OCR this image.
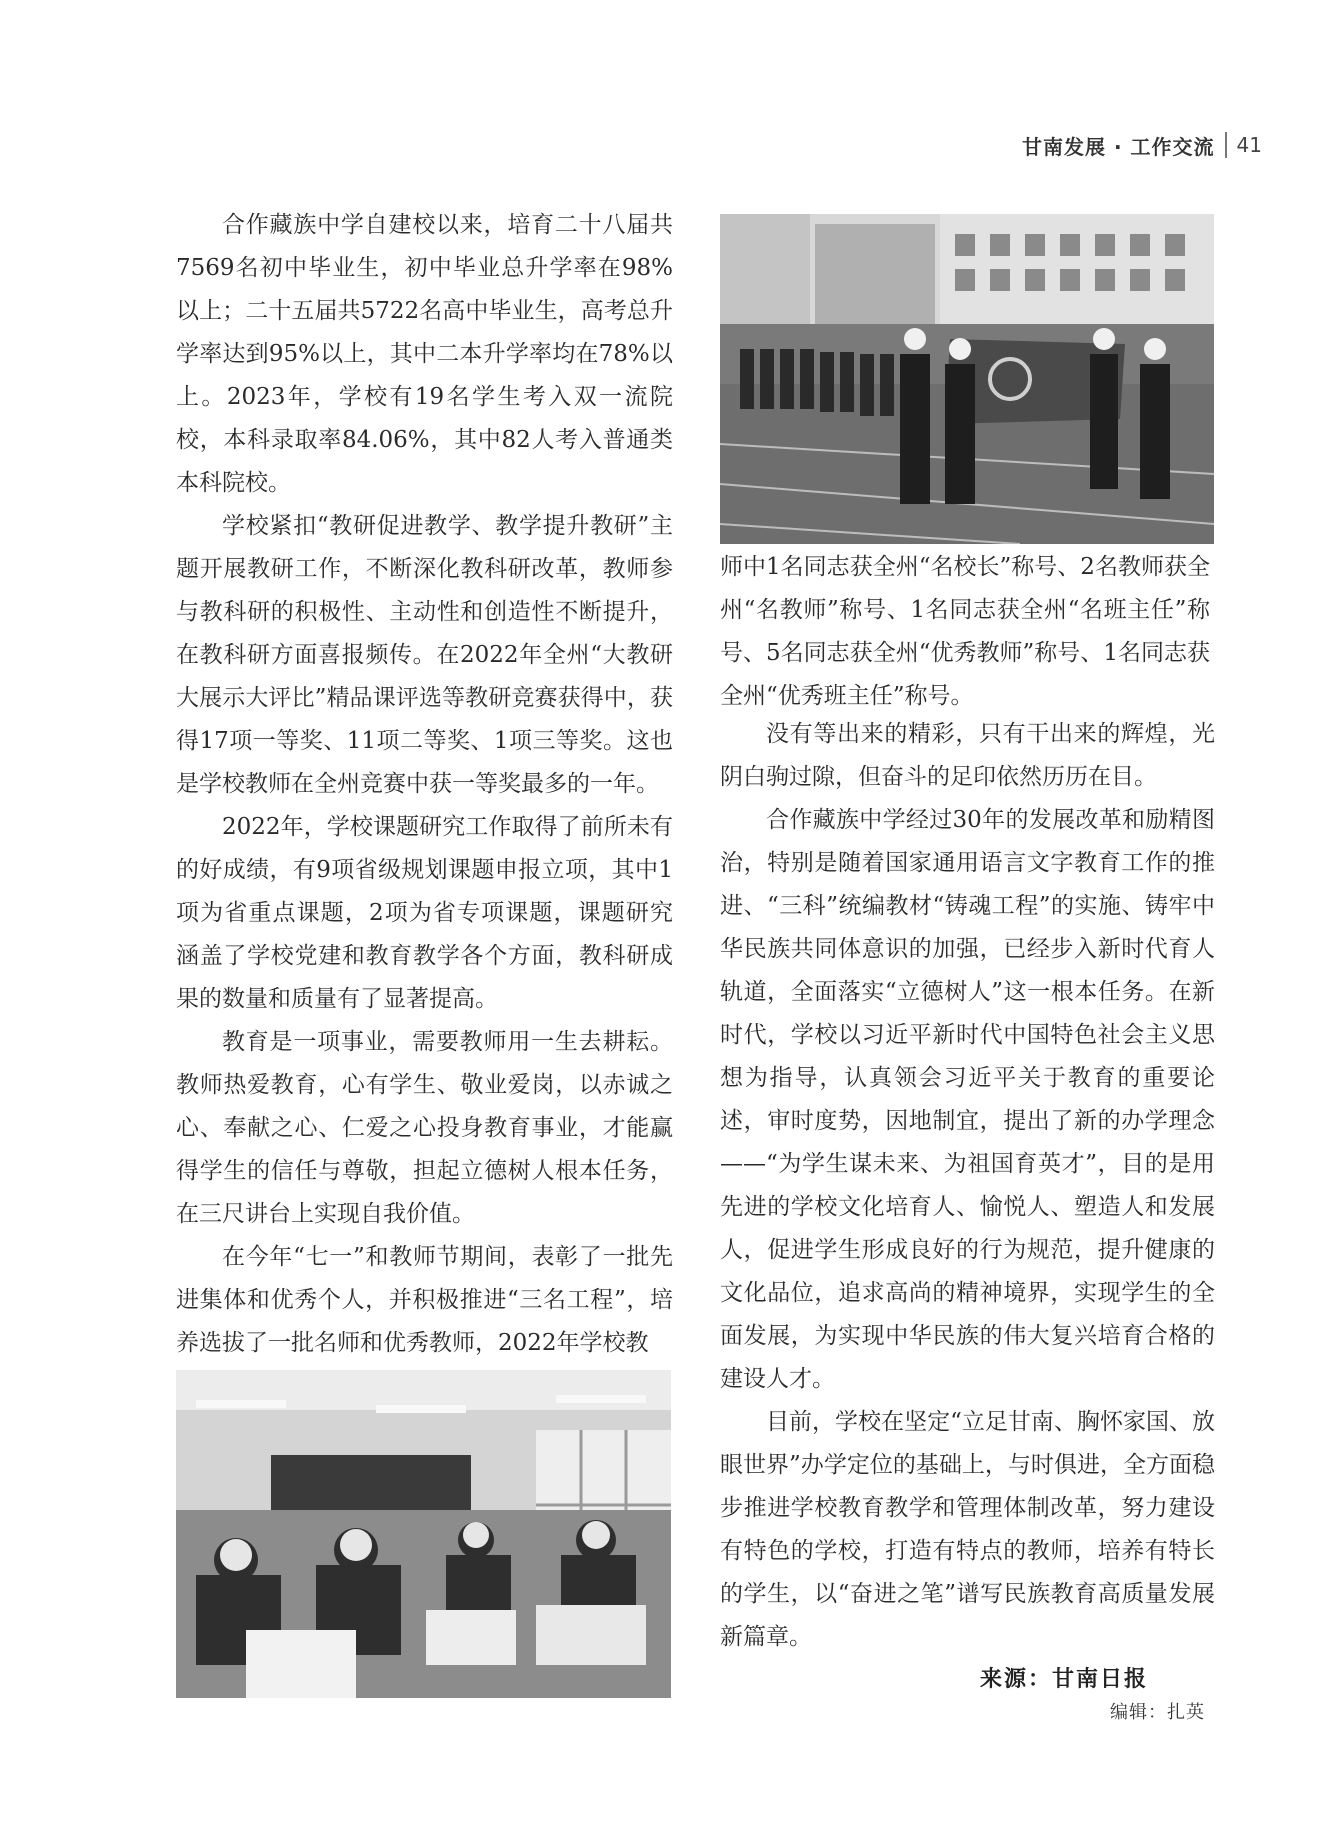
甘南发展 · 工作交流 41

合作藏族中学自建校以来，培育二十八届共7569名初中毕业生，初中毕业总升学率在98%以上；二十五届共5722名高中毕业生，高考总升学率达到95%以上，其中二本升学率均在78%以上。2023年，学校有19名学生考入双一流院校，本科录取率84.06%，其中82人考入普通类本科院校。

学校紧扣“教研促进教学、教学提升教研”主题开展教研工作，不断深化教科研改革，教师参与教科研的积极性、主动性和创造性不断提升，在教科研方面喜报频传。在2022年全州“大教研大展示大评比”精品课评选等教研竞赛获得中，获得17项一等奖、11项二等奖、1项三等奖。这也是学校教师在全州竞赛中获一等奖最多的一年。

2022年，学校课题研究工作取得了前所未有的好成绩，有9项省级规划课题申报立项，其中1项为省重点课题，2项为省专项课题，课题研究涵盖了学校党建和教育教学各个方面，教科研成果的数量和质量有了显著提高。

教育是一项事业，需要教师用一生去耕耘。教师热爱教育，心有学生、敬业爱岗，以赤诚之心、奉献之心、仁爱之心投身教育事业，才能赢得学生的信任与尊敬，担起立德树人根本任务，在三尺讲台上实现自我价值。

在今年“七一”和教师节期间，表彰了一批先进集体和优秀个人，并积极推进“三名工程”，培养选拔了一批名师和优秀教师，2022年学校教

师中1名同志获全州“名校长”称号、2名教师获全州“名教师”称号、1名同志获全州“名班主任”称号、5名同志获全州“优秀教师”称号、1名同志获全州“优秀班主任”称号。

没有等出来的精彩，只有干出来的辉煌，光阴白驹过隙，但奋斗的足印依然历历在目。

合作藏族中学经过30年的发展改革和励精图治，特别是随着国家通用语言文字教育工作的推进、“三科”统编教材“铸魂工程”的实施、铸牢中华民族共同体意识的加强，已经步入新时代育人轨道，全面落实“立德树人”这一根本任务。在新时代，学校以习近平新时代中国特色社会主义思想为指导，认真领会习近平关于教育的重要论述，审时度势，因地制宜，提出了新的办学理念——“为学生谋未来、为祖国育英才”，目的是用先进的学校文化培育人、愉悦人、塑造人和发展人，促进学生形成良好的行为规范，提升健康的文化品位，追求高尚的精神境界，实现学生的全面发展，为实现中华民族的伟大复兴培育合格的建设人才。

目前，学校在坚定“立足甘南、胸怀家国、放眼世界”办学定位的基础上，与时俱进，全方面稳步推进学校教育教学和管理体制改革，努力建设有特色的学校，打造有特点的教师，培养有特长的学生，以“奋进之笔”谱写民族教育高质量发展新篇章。

来源：甘南日报
编辑：扎英
